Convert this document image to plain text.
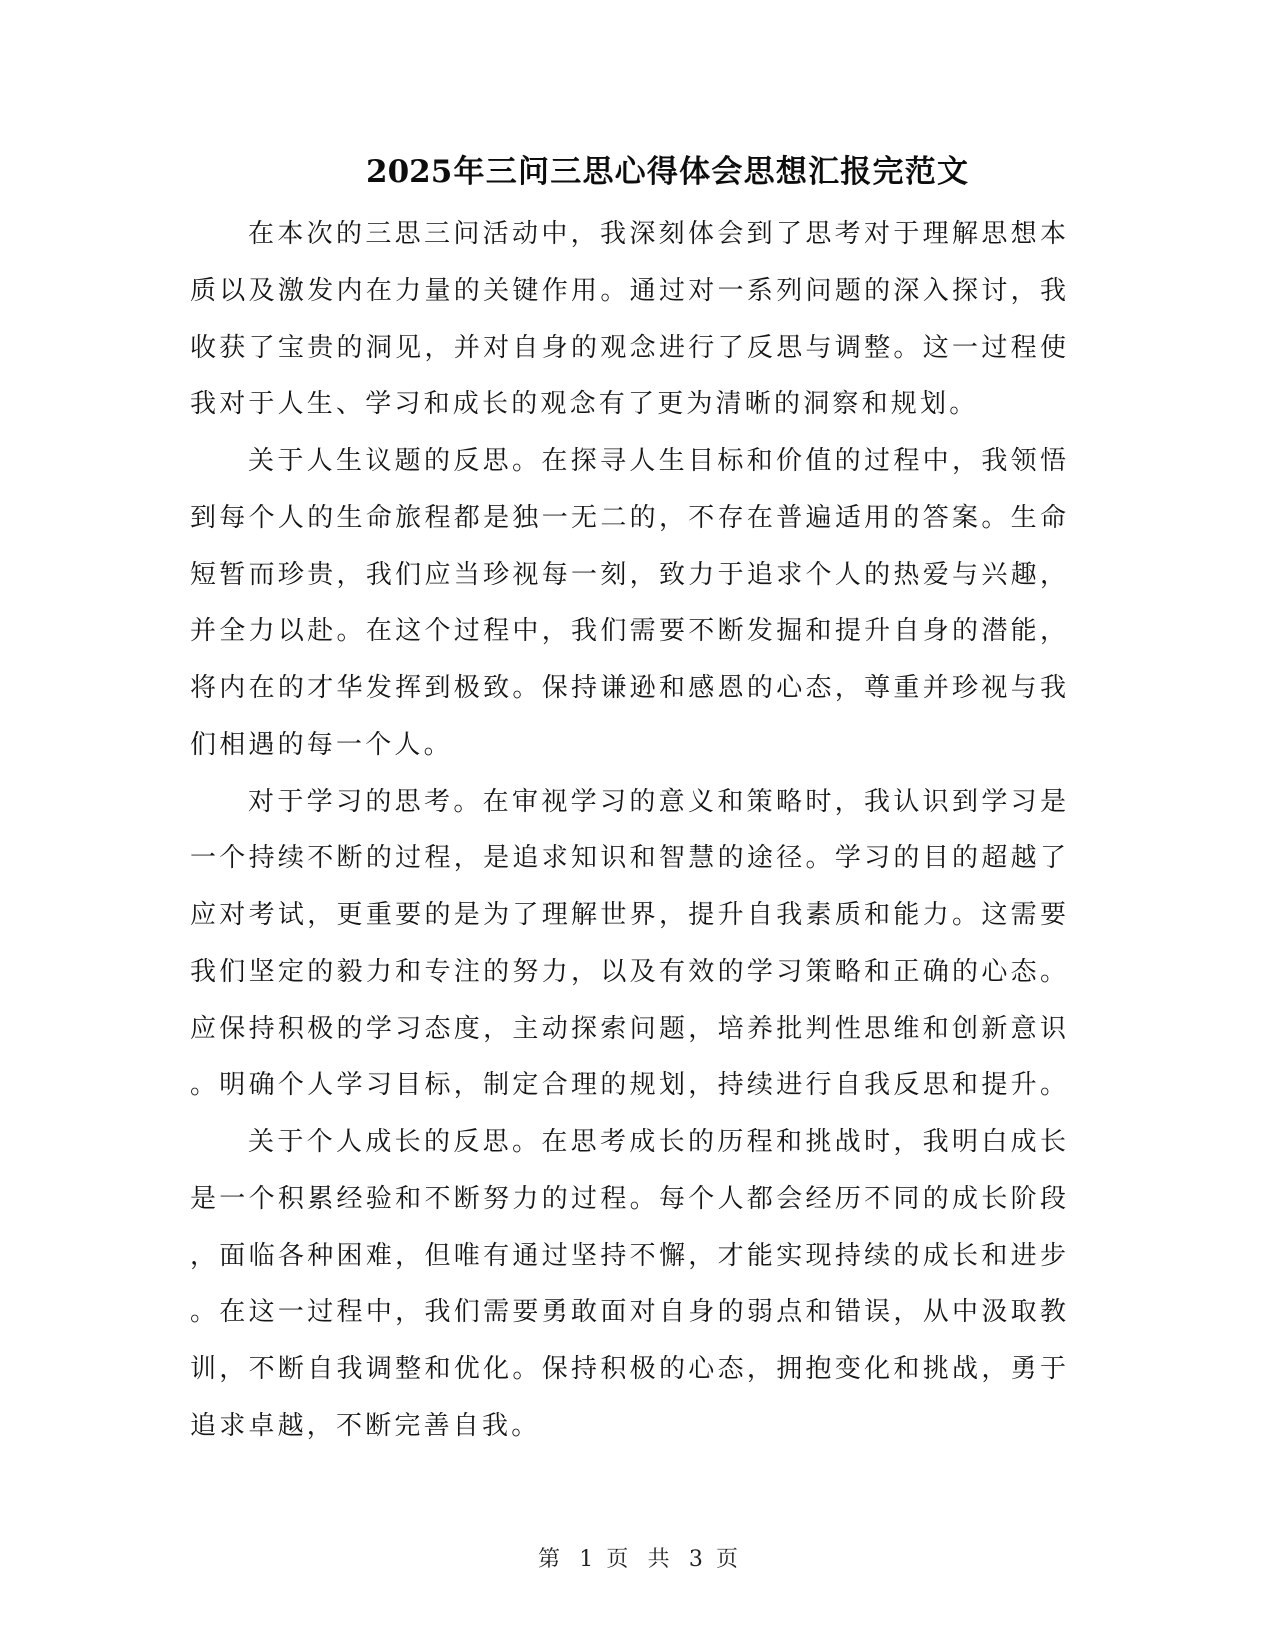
2025年三问三思心得体会思想汇报完范文
在本次的三思三问活动中，我深刻体会到了思考对于理解思想本
质以及激发内在力量的关键作用。通过对一系列问题的深入探讨，我
收获了宝贵的洞见，并对自身的观念进行了反思与调整。这一过程使
我对于人生、学习和成长的观念有了更为清晰的洞察和规划。
关于人生议题的反思。在探寻人生目标和价值的过程中，我领悟
到每个人的生命旅程都是独一无二的，不存在普遍适用的答案。生命
短暂而珍贵，我们应当珍视每一刻，致力于追求个人的热爱与兴趣，
并全力以赴。在这个过程中，我们需要不断发掘和提升自身的潜能，
将内在的才华发挥到极致。保持谦逊和感恩的心态，尊重并珍视与我
们相遇的每一个人。
对于学习的思考。在审视学习的意义和策略时，我认识到学习是
一个持续不断的过程，是追求知识和智慧的途径。学习的目的超越了
应对考试，更重要的是为了理解世界，提升自我素质和能力。这需要
我们坚定的毅力和专注的努力，以及有效的学习策略和正确的心态。
应保持积极的学习态度，主动探索问题，培养批判性思维和创新意识
。明确个人学习目标，制定合理的规划，持续进行自我反思和提升。
关于个人成长的反思。在思考成长的历程和挑战时，我明白成长
是一个积累经验和不断努力的过程。每个人都会经历不同的成长阶段
，面临各种困难，但唯有通过坚持不懈，才能实现持续的成长和进步
。在这一过程中，我们需要勇敢面对自身的弱点和错误，从中汲取教
训，不断自我调整和优化。保持积极的心态，拥抱变化和挑战，勇于
追求卓越，不断完善自我。
第 1 页 共 3 页
